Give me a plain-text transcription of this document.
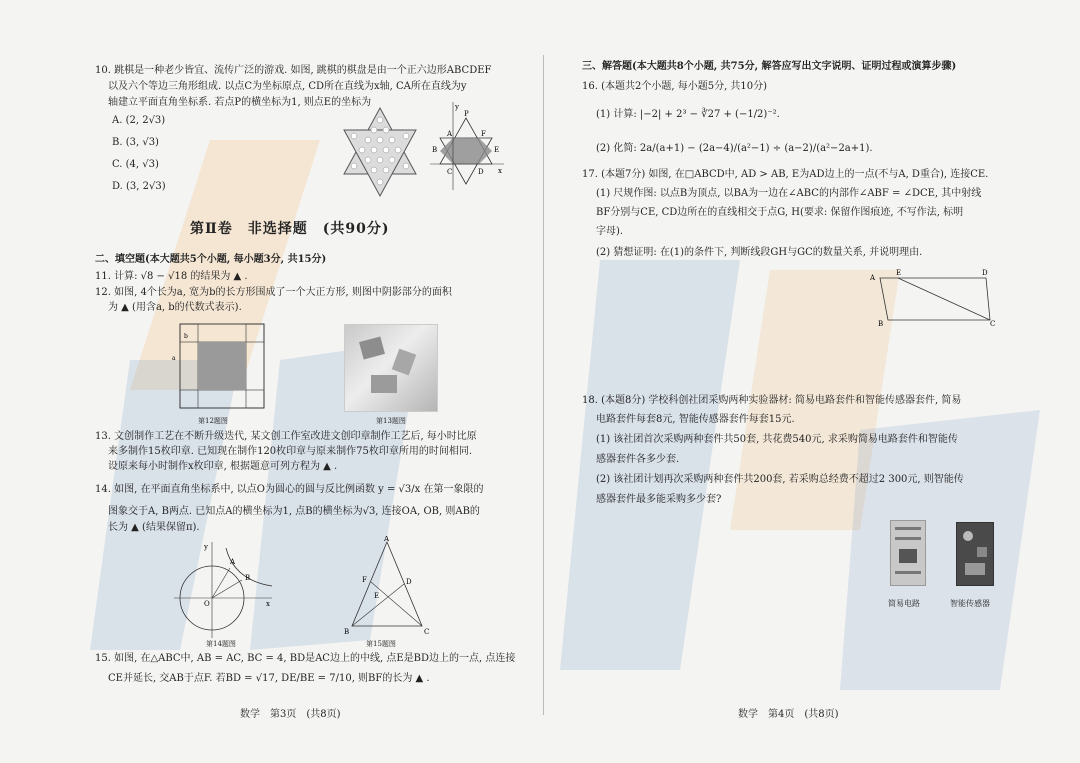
10. 跳棋是一种老少皆宜、流传广泛的游戏. 如图, 跳棋的棋盘是由一个正六边形ABCDEF
以及六个等边三角形组成. 以点C为坐标原点, CD所在直线为x轴, CA所在直线为y
轴建立平面直角坐标系. 若点P的横坐标为1, 则点E的坐标为
A. (2, 2√3)
B. (3, √3)
C. (4, √3)
D. (3, 2√3)
y
A	F
B	E
C	D x
P
第Ⅱ卷　非选择题　(共90分)
二、填空题(本大题共5个小题, 每小题3分, 共15分)
11. 计算: √8 − √18 的结果为 ▲ .
12. 如图, 4个长为a, 宽为b的长方形围成了一个大正方形, 则图中阴影部分的面积
为 ▲ (用含a, b的代数式表示).
a
b
第12题图	第13题图
13. 文创制作工艺在不断升级迭代, 某文创工作室改进文创印章制作工艺后, 每小时比原
来多制作15枚印章. 已知现在制作120枚印章与原来制作75枚印章所用的时间相同.
设原来每小时制作x枚印章, 根据题意可列方程为 ▲ .
14. 如图, 在平面直角坐标系中, 以点O为圆心的圆与反比例函数 y = √3/x 在第一象限的
图象交于A, B两点. 已知点A的横坐标为1, 点B的横坐标为√3, 连接OA, OB, 则AB的
长为 ▲ (结果保留π).
y
A
B
O	x
第14题图
A
E
F	D
B	C
第15题图
15. 如图, 在△ABC中, AB = AC, BC = 4, BD是AC边上的中线, 点E是BD边上的一点, 点连接
CE并延长, 交AB于点F. 若BD = √17, DE/BE = 7/10, 则BF的长为 ▲ .
数学　第3页　(共8页)
三、解答题(本大题共8个小题, 共75分, 解答应写出文字说明、证明过程或演算步骤)
16. (本题共2个小题, 每小题5分, 共10分)
(1) 计算: |−2| + 2³ − ∛27 + (−1/2)⁻².
(2) 化简: 2a/(a+1) − (2a−4)/(a²−1) ÷ (a−2)/(a²−2a+1).
17. (本题7分) 如图, 在□ABCD中, AD > AB, E为AD边上的一点(不与A, D重合), 连接CE.
(1) 尺规作图: 以点B为顶点, 以BA为一边在∠ABC的内部作∠ABF = ∠DCE, 其中射线
BF分别与CE, CD边所在的直线相交于点G, H(要求: 保留作图痕迹, 不写作法, 标明
字母).
(2) 猜想证明: 在(1)的条件下, 判断线段GH与GC的数量关系, 并说明理由.
A
E	D
B	C
18. (本题8分) 学校科创社团采购两种实验器材: 简易电路套件和智能传感器套件, 简易
电路套件每套8元, 智能传感器套件每套15元.
(1) 该社团首次采购两种套件共50套, 共花费540元, 求采购简易电路套件和智能传
感器套件各多少套.
(2) 该社团计划再次采购两种套件共200套, 若采购总经费不超过2 300元, 则智能传
感器套件最多能采购多少套?
简易电路	智能传感器
数学　第4页　(共8页)
